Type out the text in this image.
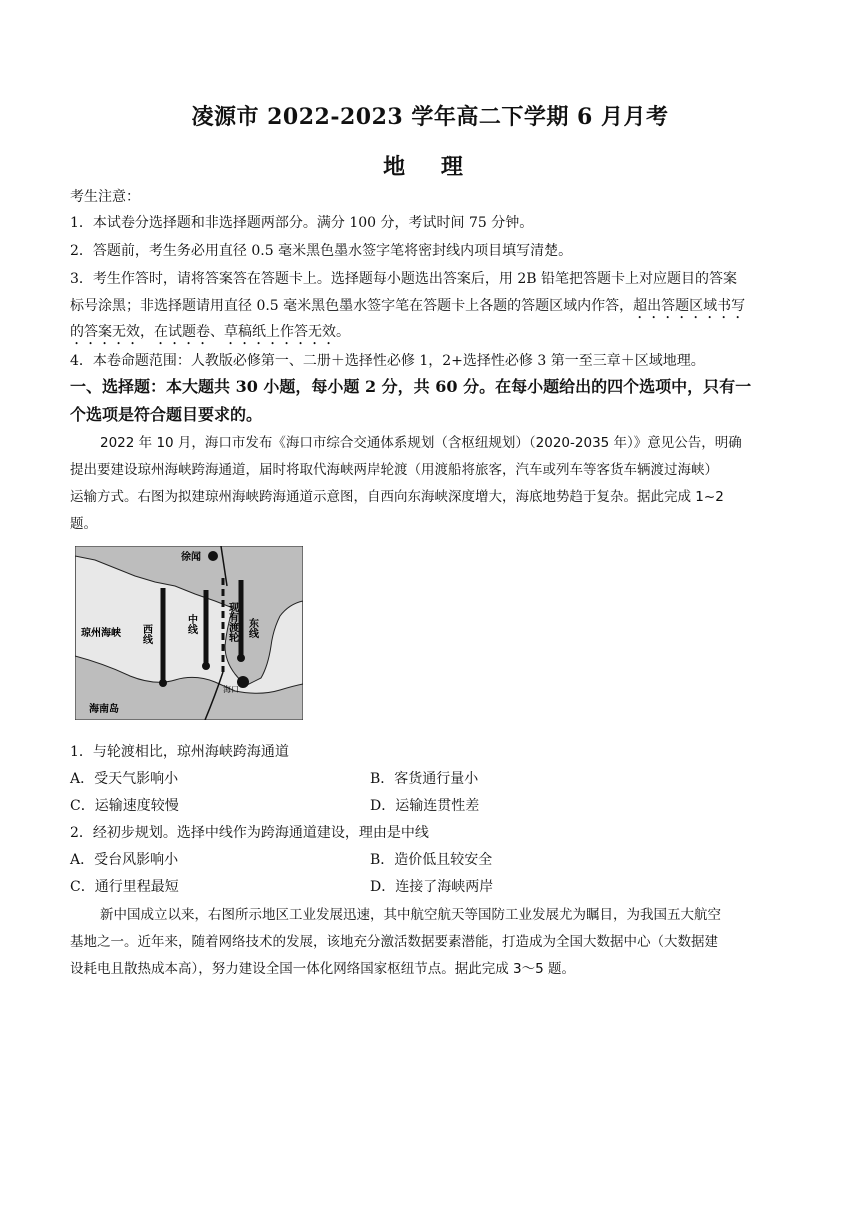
凌源市 2022-2023 学年高二下学期 6 月月考
地 理
考生注意：
1．本试卷分选择题和非选择题两部分。满分 100 分，考试时间 75 分钟。
2．答题前，考生务必用直径 0.5 毫米黑色墨水签字笔将密封线内项目填写清楚。
3．考生作答时，请将答案答在答题卡上。选择题每小题选出答案后，用 2B 铅笔把答题卡上对应题目的答案
标号涂黑；非选择题请用直径 0.5 毫米黑色墨水签字笔在答题卡上各题的答题区域内作答，超出答题区域书写
的答案无效，在试题卷、草稿纸上作答无效。
4．本卷命题范围：人教版必修第一、二册＋选择性必修 1，2+选择性必修 3 第一至三章＋区域地理。
一、选择题：本大题共 30 小题，每小题 2 分，共 60 分。在每小题给出的四个选项中，只有一
个选项是符合题目要求的。
2022 年 10 月，海口市发布《海口市综合交通体系规划（含枢纽规划）（2020-2035 年）》意见公告，明确
提出要建设琼州海峡跨海通道，届时将取代海峡两岸轮渡（用渡船将旅客，汽车或列车等客货车辆渡过海峡）
运输方式。右图为拟建琼州海峡跨海通道示意图，自西向东海峡深度增大，海底地势趋于复杂。据此完成 1~2
题。
徐闻
西线	中线	现有渡轮 东线
琼州海峡
海口
海南岛
1．与轮渡相比，琼州海峡跨海通道
A．受天气影响小	B．客货通行量小
C．运输速度较慢	D．运输连贯性差
2．经初步规划。选择中线作为跨海通道建设，理由是中线
A．受台风影响小	B．造价低且较安全
C．通行里程最短	D．连接了海峡两岸
新中国成立以来，右图所示地区工业发展迅速，其中航空航天等国防工业发展尤为瞩目，为我国五大航空
基地之一。近年来，随着网络技术的发展，该地充分激活数据要素潜能，打造成为全国大数据中心（大数据建
设耗电且散热成本高），努力建设全国一体化网络国家枢纽节点。据此完成 3～5 题。
